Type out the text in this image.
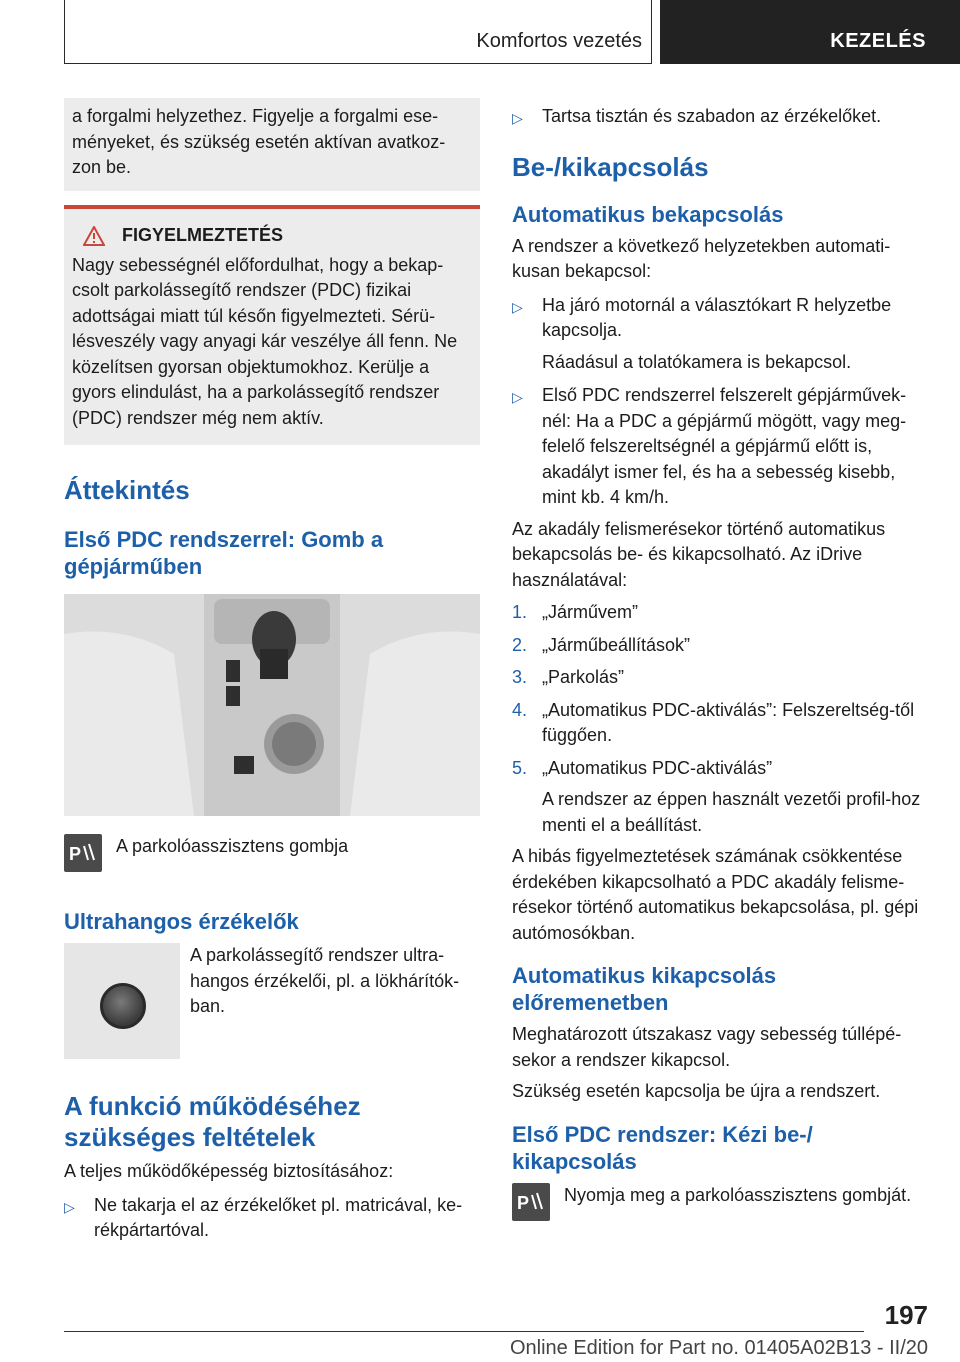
Komfortos vezetés	KEZELÉS

a forgalmi helyzethez. Figyelje a forgalmi ese-ményeket, és szükség esetén aktívan avatkoz-zon be.

FIGYELMEZTETÉS

Nagy sebességnél előfordulhat, hogy a bekap-csolt parkolássegítő rendszer (PDC) fizikai adottságai miatt túl későn figyelmezteti. Sérü-lésveszély vagy anyagi kár veszélye áll fenn. Ne közelítsen gyorsan objektumokhoz. Kerülje a gyors elindulást, ha a parkolássegítő rendszer (PDC) rendszer még nem aktív.

Áttekintés
Első PDC rendszerrel: Gomb a gépjárműben
P A parkolóasszisztens gombja
Ultrahangos érzékelők

A parkolássegítő rendszer ultra-hangos érzékelői, pl. a lökhárítók-ban.

A funkció működéséhez szükséges feltételek

A teljes működőképesség biztosításához:

▷	Ne takarja el az érzékelőket pl. matricával, ke-rékpártartóval.
▷	Tartsa tisztán és szabadon az érzékelőket.
Be-/kikapcsolás
Automatikus bekapcsolás

A rendszer a következő helyzetekben automati-kusan bekapcsol:

▷	Ha járó motornál a választókart R helyzetbe kapcsolja.

Ráadásul a tolatókamera is bekapcsol.

▷	Első PDC rendszerrel felszerelt gépjárművek-nél: Ha a PDC a gépjármű mögött, vagy meg-felelő felszereltségnél a gépjármű előtt is, akadályt ismer fel, és ha a sebesség kisebb, mint kb. 4 km/h.

Az akadály felismerésekor történő automatikus bekapcsolás be- és kikapcsolható. Az iDrive használatával:

1. „Járművem”
2. „Járműbeállítások”
3. „Parkolás”
4. „Automatikus PDC-aktiválás”: Felszereltség-től függően.
5. „Automatikus PDC-aktiválás”

A rendszer az éppen használt vezetői profil-hoz menti el a beállítást.

A hibás figyelmeztetések számának csökkentése érdekében kikapcsolható a PDC akadály felisme-résekor történő automatikus bekapcsolása, pl. gépi autómosókban.

Automatikus kikapcsolás előremenetben

Meghatározott útszakasz vagy sebesség túllépé-sekor a rendszer kikapcsol.

Szükség esetén kapcsolja be újra a rendszert.

Első PDC rendszer: Kézi be-/ kikapcsolás
P Nyomja meg a parkolóasszisztens gombját.
197
Online Edition for Part no. 01405A02B13 - II/20
